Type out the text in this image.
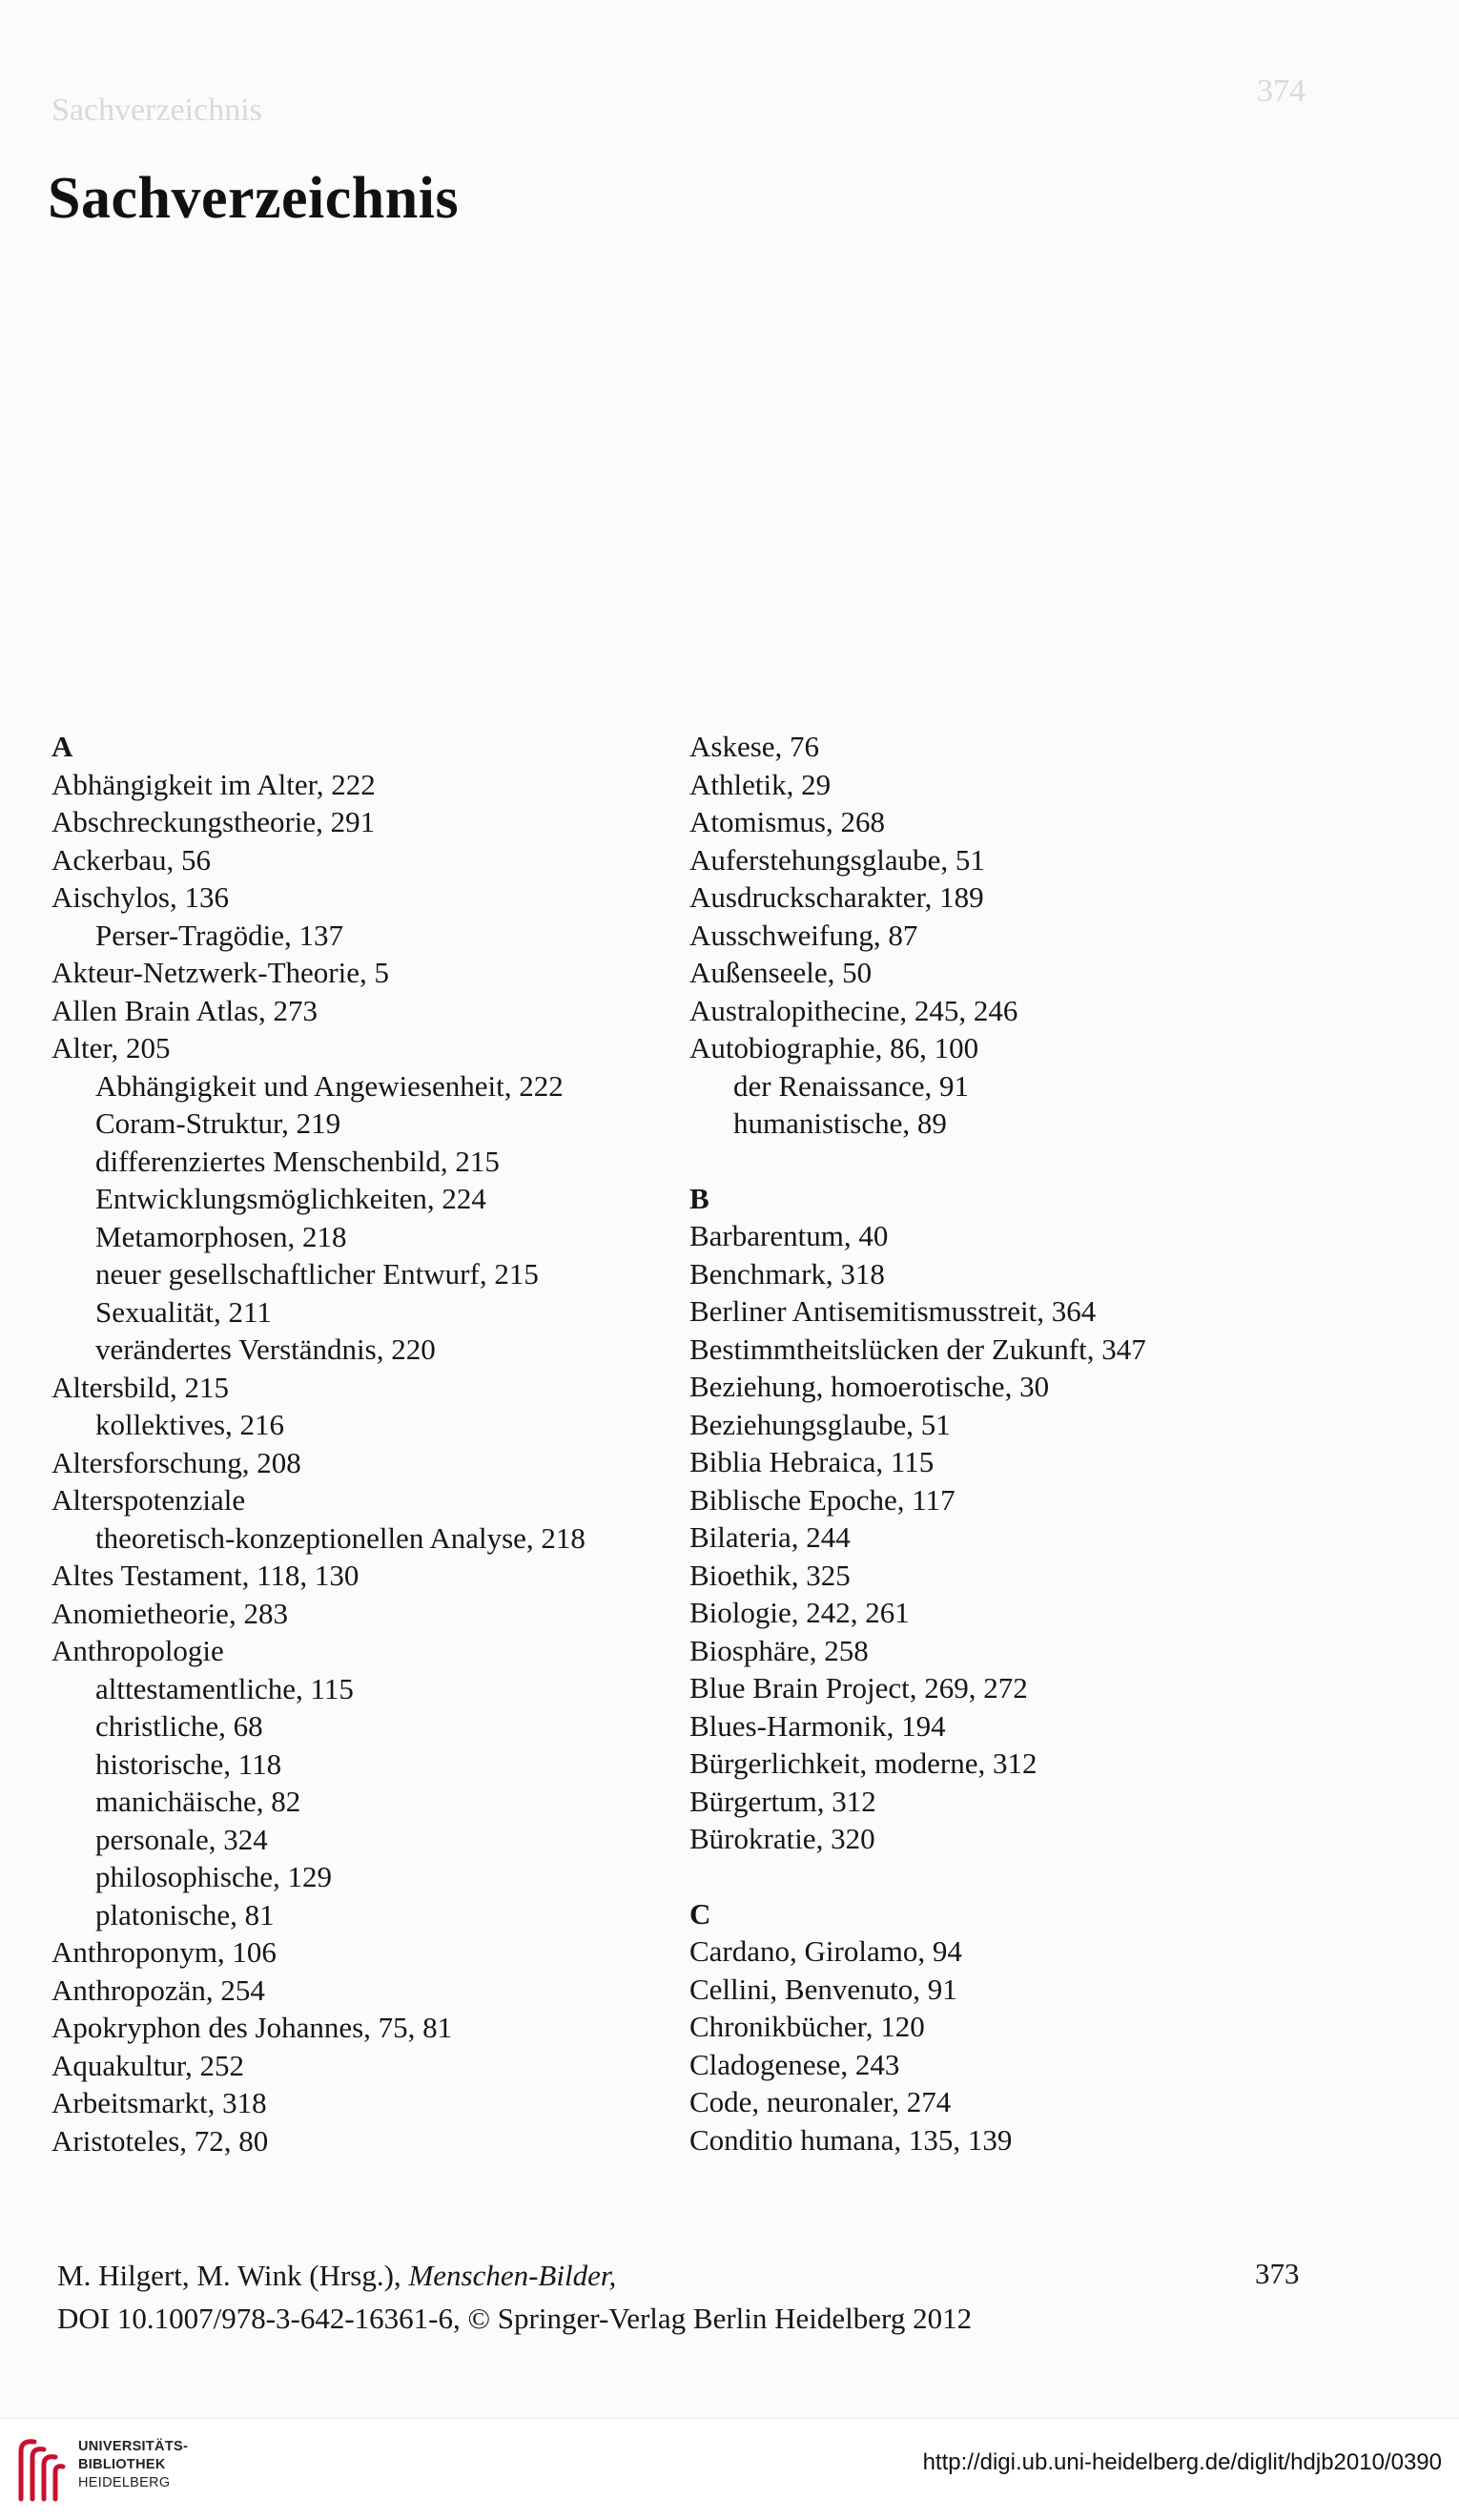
Sachverzeichnis
374
Sachverzeichnis
A
Abhängigkeit im Alter, 222
Abschreckungstheorie, 291
Ackerbau, 56
Aischylos, 136
Perser-Tragödie, 137
Akteur-Netzwerk-Theorie, 5
Allen Brain Atlas, 273
Alter, 205
Abhängigkeit und Angewiesenheit, 222
Coram-Struktur, 219
differenziertes Menschenbild, 215
Entwicklungsmöglichkeiten, 224
Metamorphosen, 218
neuer gesellschaftlicher Entwurf, 215
Sexualität, 211
verändertes Verständnis, 220
Altersbild, 215
kollektives, 216
Altersforschung, 208
Alterspotenziale
theoretisch-konzeptionellen Analyse, 218
Altes Testament, 118, 130
Anomietheorie, 283
Anthropologie
alttestamentliche, 115
christliche, 68
historische, 118
manichäische, 82
personale, 324
philosophische, 129
platonische, 81
Anthroponym, 106
Anthropozän, 254
Apokryphon des Johannes, 75, 81
Aquakultur, 252
Arbeitsmarkt, 318
Aristoteles, 72, 80
Askese, 76
Athletik, 29
Atomismus, 268
Auferstehungsglaube, 51
Ausdruckscharakter, 189
Ausschweifung, 87
Außenseele, 50
Australopithecine, 245, 246
Autobiographie, 86, 100
der Renaissance, 91
humanistische, 89
B
Barbarentum, 40
Benchmark, 318
Berliner Antisemitismusstreit, 364
Bestimmtheitslücken der Zukunft, 347
Beziehung, homoerotische, 30
Beziehungsglaube, 51
Biblia Hebraica, 115
Biblische Epoche, 117
Bilateria, 244
Bioethik, 325
Biologie, 242, 261
Biosphäre, 258
Blue Brain Project, 269, 272
Blues-Harmonik, 194
Bürgerlichkeit, moderne, 312
Bürgertum, 312
Bürokratie, 320
C
Cardano, Girolamo, 94
Cellini, Benvenuto, 91
Chronikbücher, 120
Cladogenese, 243
Code, neuronaler, 274
Conditio humana, 135, 139
M. Hilgert, M. Wink (Hrsg.), Menschen-Bilder,
DOI 10.1007/978-3-642-16361-6, © Springer-Verlag Berlin Heidelberg 2012
373
UNIVERSITÄTS-
BIBLIOTHEK
HEIDELBERG
http://digi.ub.uni-heidelberg.de/diglit/hdjb2010/0390
